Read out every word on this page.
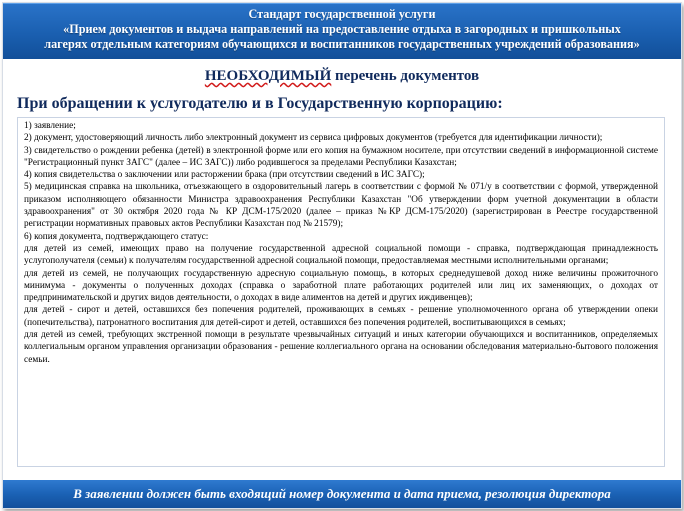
Стандарт государственной услуги
«Прием документов и выдача направлений на предоставление отдыха в загородных и пришкольных
лагерях отдельным категориям обучающихся и воспитанников государственных учреждений образования»
НЕОБХОДИМЫЙ перечень документов
При обращении к услугодателю и в Государственную корпорацию:

1) заявление;

2) документ, удостоверяющий личность либо электронный документ из сервиса цифровых документов (требуется для идентификации личности);

3) свидетельство о рождении ребенка (детей) в электронной форме или его копия на бумажном носителе, при отсутствии сведений в информационной системе "Регистрационный пункт ЗАГС" (далее – ИС ЗАГС)) либо родившегося за пределами Республики Казахстан;

4) копия свидетельства о заключении или расторжении брака (при отсутствии сведений в ИС ЗАГС);

5) медицинская справка на школьника, отъезжающего в оздоровительный лагерь в соответствии с формой № 071/у в соответствии с формой, утвержденной приказом исполняющего обязанности Министра здравоохранения Республики Казахстан "Об утверждении форм учетной документации в области здравоохранения" от 30 октября 2020 года № КР ДСМ-175/2020 (далее – приказ №КР ДСМ-175/2020) (зарегистрирован в Реестре государственной регистрации нормативных правовых актов Республики Казахстан под № 21579);

6) копия документа, подтверждающего статус:

для детей из семей, имеющих право на получение государственной адресной социальной помощи - справка, подтверждающая принадлежность услугополучателя (семьи) к получателям государственной адресной социальной помощи, предоставляемая местными исполнительными органами;

для детей из семей, не получающих государственную адресную социальную помощь, в которых среднедушевой доход ниже величины прожиточного минимума - документы о полученных доходах (справка о заработной плате работающих родителей или лиц их заменяющих, о доходах от предпринимательской и других видов деятельности, о доходах в виде алиментов на детей и других иждивенцев);

для детей - сирот и детей, оставшихся без попечения родителей, проживающих в семьях - решение уполномоченного органа об утверждении опеки (попечительства), патронатного воспитания для детей-сирот и детей, оставшихся без попечения родителей, воспитывающихся в семьях;

для детей из семей, требующих экстренной помощи в результате чрезвычайных ситуаций и иных категории обучающихся и воспитанников, определяемых коллегиальным органом управления организации образования - решение коллегиального органа на основании обследования материально-бытового положения семьи.

В заявлении должен быть входящий номер документа и дата приема, резолюция директора
